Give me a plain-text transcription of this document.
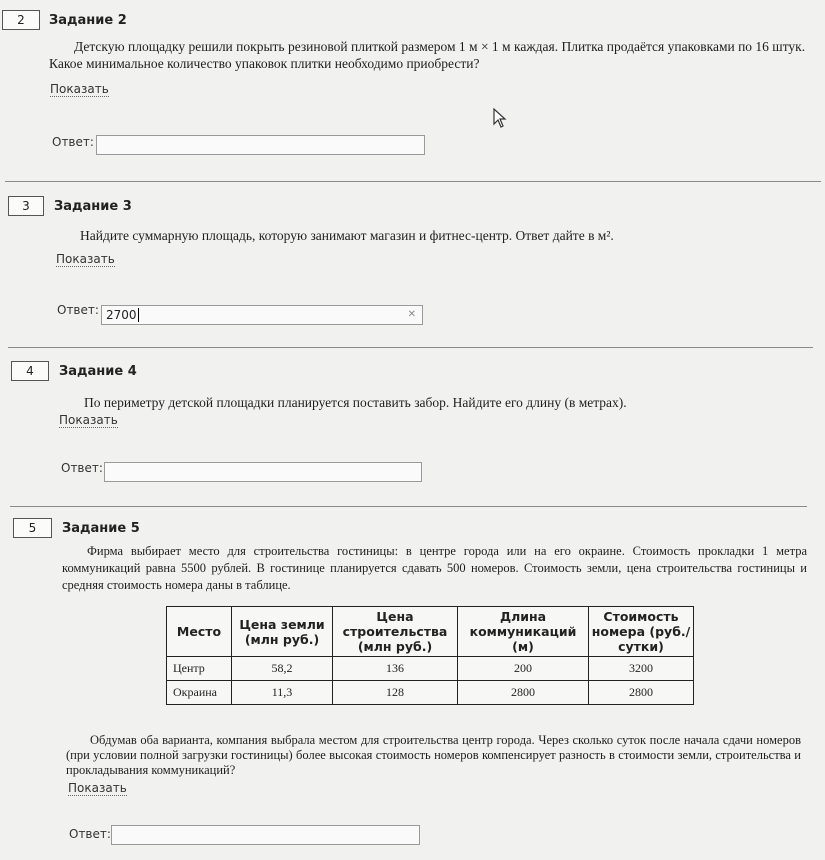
2	Задание 2
Детскую площадку решили покрыть резиновой плиткой размером 1 м × 1 м каждая. Плитка продаётся упаковками по 16 штук. Какое минимальное количество упаковок плитки необходимо приобрести?
Показать
Ответ:
3	Задание 3
Найдите суммарную площадь, которую занимают магазин и фитнес-центр. Ответ дайте в м².
Показать
Ответ: 2700	✕
4	Задание 4
По периметру детской площадки планируется поставить забор. Найдите его длину (в метрах).
Показать
Ответ:
5	Задание 5
Фирма выбирает место для строительства гостиницы: в центре города или на его окраине. Стоимость прокладки 1 метра коммуникаций равна 5500 рублей. В гостинице планируется сдавать 500 номеров. Стоимость земли, цена строительства гостиницы и средняя стоимость номера даны в таблице.
Место	Цена земли (млн руб.)	Цена строительства (млн руб.)	Длина коммуникаций (м)	Стоимость номера (руб./сутки)
Центр	58,2	136	200	3200
Окраина	11,3	128	2800	2800
Обдумав оба варианта, компания выбрала местом для строительства центр города. Через сколько суток после начала сдачи номеров (при условии полной загрузки гостиницы) более высокая стоимость номеров компенсирует разность в стоимости земли, строительства и прокладывания коммуникаций?
Показать
Ответ:
